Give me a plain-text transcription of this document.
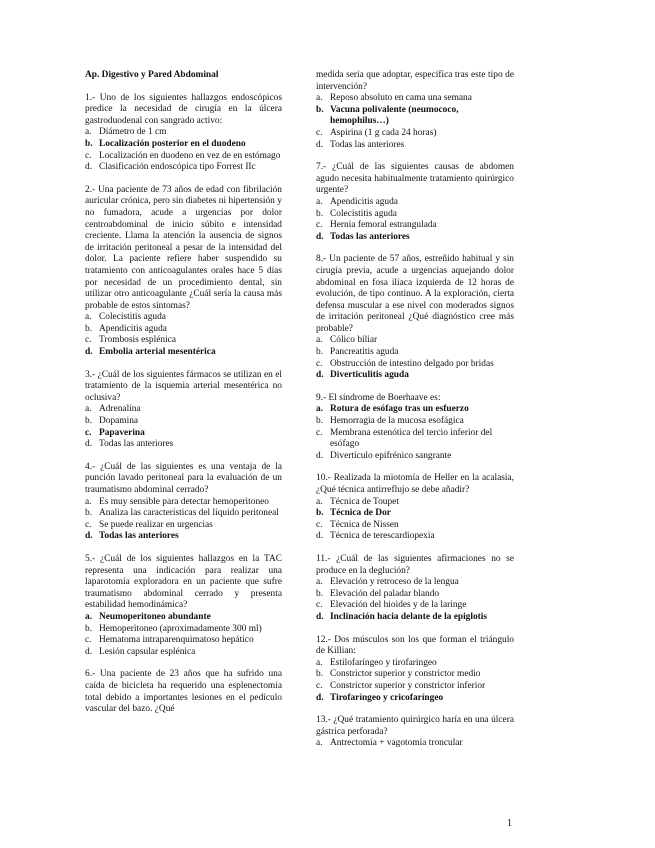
Ap. Digestivo y Pared Abdominal
1.- Uno de los siguientes hallazgos endoscópicos predice la necesidad de cirugía en la úlcera gastroduodenal con sangrado activo:
a. Diámetro de 1 cm
b. Localización posterior en el duodeno
c. Localización en duodeno en vez de en estómago
d. Clasificación endoscópica tipo Forrest IIc
2.- Una paciente de 73 años de edad con fibrilación auricular crónica, pero sin diabetes ni hipertensión y no fumadora, acude a urgencias por dolor centroabdominal de inicio súbito e intensidad creciente. Llama la atención la ausencia de signos de irritación peritoneal a pesar de la intensidad del dolor. La paciente refiere haber suspendido su tratamiento con anticoagulantes orales hace 5 días por necesidad de un procedimiento dental, sin utilizar otro anticoagulante ¿Cuál sería la causa más probable de estos síntomas?
a. Colecistitis aguda
b. Apendicitis aguda
c. Trombosis esplénica
d. Embolia arterial mesentérica
3.- ¿Cuál de los siguientes fármacos se utilizan en el tratamiento de la isquemia arterial mesentérica no oclusiva?
a. Adrenalina
b. Dopamina
c. Papaverina
d. Todas las anteriores
4.- ¿Cuál de las siguientes es una ventaja de la punción lavado peritoneal para la evaluación de un traumatismo abdominal cerrado?
a. Es muy sensible para detectar hemoperitoneo
b. Analiza las características del líquido peritoneal
c. Se puede realizar en urgencias
d. Todas las anteriores
5.- ¿Cuál de los siguientes hallazgos en la TAC representa una indicación para realizar una laparotomía exploradora en un paciente que sufre traumatismo abdominal cerrado y presenta estabilidad hemodinámica?
a. Neumoperitoneo abundante
b. Hemoperitoneo (aproximadamente 300 ml)
c. Hematoma intraparenquimatoso hepático
d. Lesión capsular esplénica
6.- Una paciente de 23 años que ha sufrido una caída de bicicleta ha requerido una esplenectomía total debido a importantes lesiones en el pedículo vascular del bazo. ¿Qué
medida sería que adoptar, específica tras este tipo de intervención?
a. Reposo absoluto en cama una semana
b. Vacuna polivalente (neumococo, hemophilus…)
c. Aspirina (1 g cada 24 horas)
d. Todas las anteriores
7.- ¿Cuál de las siguientes causas de abdomen agudo necesita habitualmente tratamiento quirúrgico urgente?
a. Apendicitis aguda
b. Colecistitis aguda
c. Hernia femoral estrangulada
d. Todas las anteriores
8.- Un paciente de 57 años, estreñido habitual y sin cirugía previa, acude a urgencias aquejando dolor abdominal en fosa ilíaca izquierda de 12 horas de evolución, de tipo continuo. A la exploración, cierta defensa muscular a ese nivel con moderados signos de irritación peritoneal ¿Qué diagnóstico cree más probable?
a. Cólico biliar
b. Pancreatitis aguda
c. Obstrucción de intestino delgado por bridas
d. Diverticulitis aguda
9.- El síndrome de Boerhaave es:
a. Rotura de esófago tras un esfuerzo
b. Hemorragia de la mucosa esofágica
c. Membrana estenótica del tercio inferior del esófago
d. Divertículo epifrénico sangrante
10.- Realizada la miotomía de Heller en la acalasia, ¿Qué técnica antirreflujo se debe añadir?
a. Técnica de Toupet
b. Técnica de Dor
c. Técnica de Nissen
d. Técnica de terescardiopexia
11.- ¿Cuál de las siguientes afirmaciones no se produce en la deglución?
a. Elevación y retroceso de la lengua
b. Elevación del paladar blando
c. Elevación del hioides y de la laringe
d. Inclinación hacia delante de la epiglotis
12.- Dos músculos son los que forman el triángulo de Killian:
a. Estilofaríngeo y tirofaríngeo
b. Constrictor superior y constrictor medio
c. Constrictor superior y constrictor inferior
d. Tirofaríngeo y cricofaríngeo
13.- ¿Qué tratamiento quirúrgico haría en una úlcera gástrica perforada?
a. Antrectomía + vagotomía troncular
1
